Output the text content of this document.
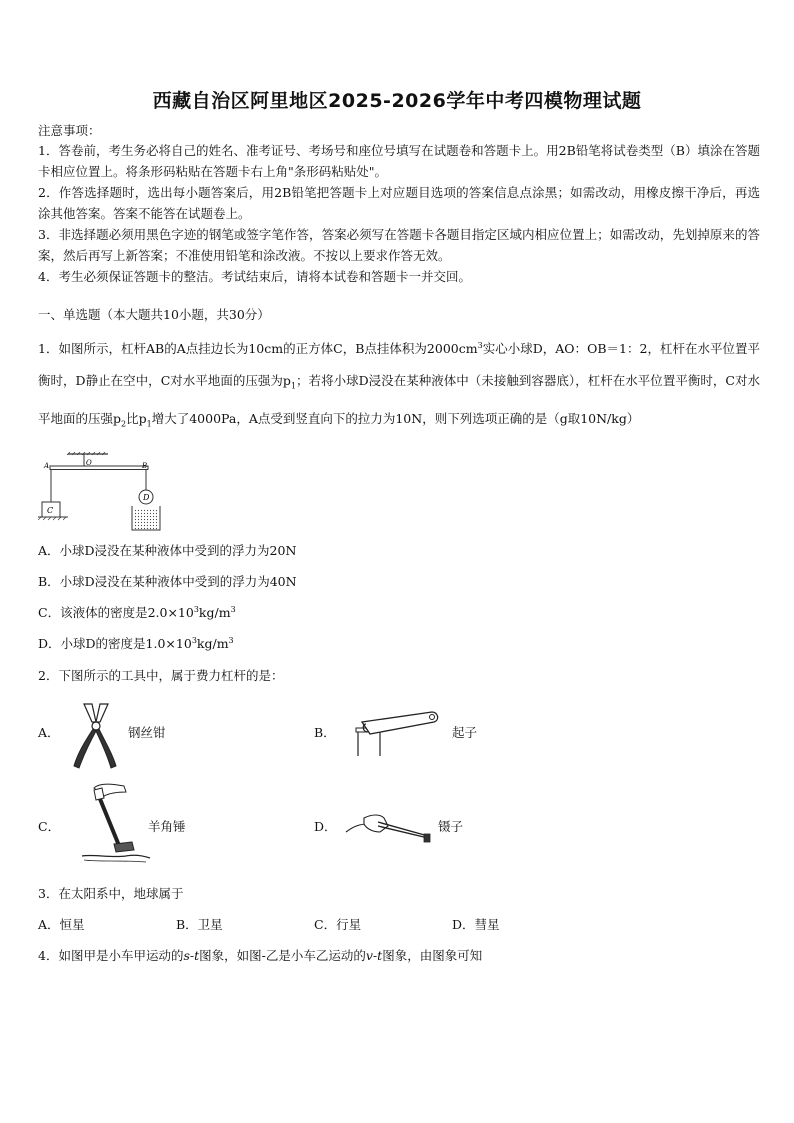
西藏自治区阿里地区2025-2026学年中考四模物理试题
注意事项：

1．答卷前，考生务必将自己的姓名、准考证号、考场号和座位号填写在试题卷和答题卡上。用2B铅笔将试卷类型（B）填涂在答题卡相应位置上。将条形码粘贴在答题卡右上角"条形码粘贴处"。

2．作答选择题时，选出每小题答案后，用2B铅笔把答题卡上对应题目选项的答案信息点涂黑；如需改动，用橡皮擦干净后，再选涂其他答案。答案不能答在试题卷上。

3．非选择题必须用黑色字迹的钢笔或签字笔作答，答案必须写在答题卡各题目指定区域内相应位置上；如需改动，先划掉原来的答案，然后再写上新答案；不准使用铅笔和涂改液。不按以上要求作答无效。

4．考生必须保证答题卡的整洁。考试结束后，请将本试卷和答题卡一并交回。

一、单选题（本大题共10小题，共30分）
1．如图所示，杠杆AB的A点挂边长为10cm的正方体C，B点挂体积为$2000cm^3$实心小球D，AO：OB＝1：2，杠杆在水平位置平衡时，D静止在空中，C对水平地面的压强为$p_1$；若将小球D浸没在某种液体中（未接触到容器底），杠杆在水平位置平衡时，C对水平地面的压强$p_2$比$p_1$增大了4000Pa，A点受到竖直向下的拉力为10N，则下列选项正确的是（g取10N/kg）
A	O	B
C
D
A．小球D浸没在某种液体中受到的浮力为20N
B．小球D浸没在某种液体中受到的浮力为40N
C．该液体的密度是$2.0\times 10^3kg/m^3$
D．小球D的密度是$1.0\times 10^3kg/m^3$
2．下图所示的工具中，属于费力杠杆的是：
A．	钢丝钳	B．	起子
C．	羊角锤	D．	镊子
3．在太阳系中，地球属于
A．恒星	B．卫星	C．行星	D．彗星
4．如图甲是小车甲运动的s-t图象，如图-乙是小车乙运动的v-t图象，由图象可知
